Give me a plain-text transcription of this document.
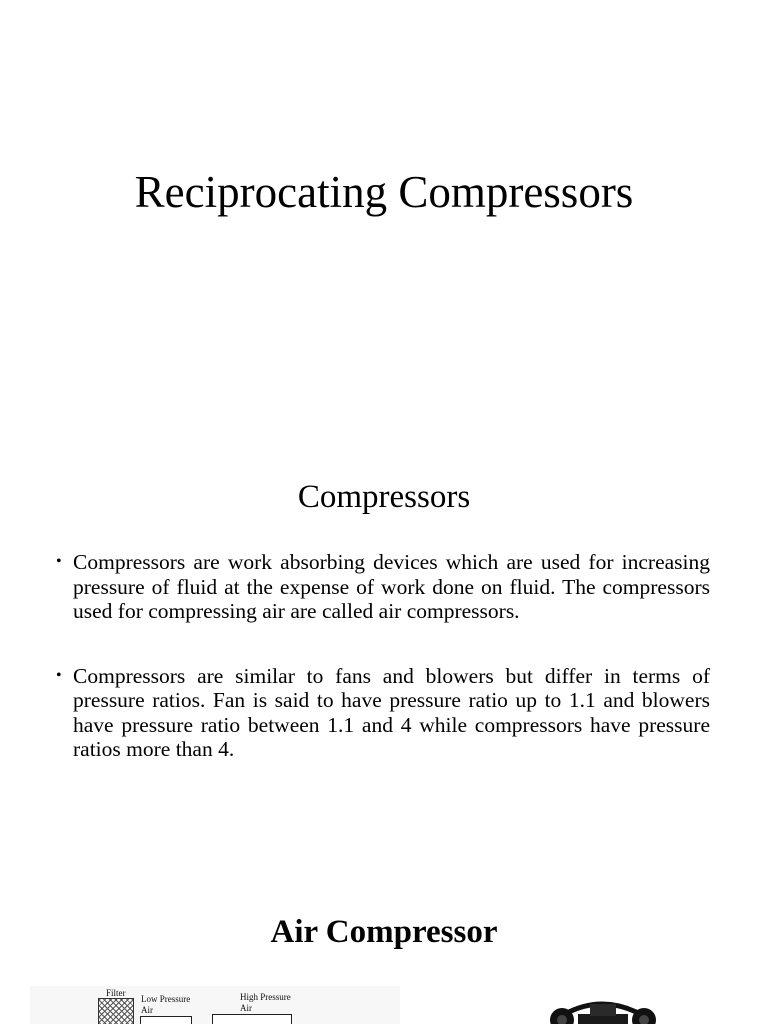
Reciprocating Compressors
Compressors
• Compressors are work absorbing devices which are used for increasing pressure of fluid at the expense of work done on fluid. The compressors used for compressing air are called air compressors.
• Compressors are similar to fans and blowers but differ in terms of pressure ratios. Fan is said to have pressure ratio up to 1.1 and blowers have pressure ratio between 1.1 and 4 while compressors have pressure ratios more than 4.
Air Compressor
Filter
Low Pressure
Air
High Pressure
Air
